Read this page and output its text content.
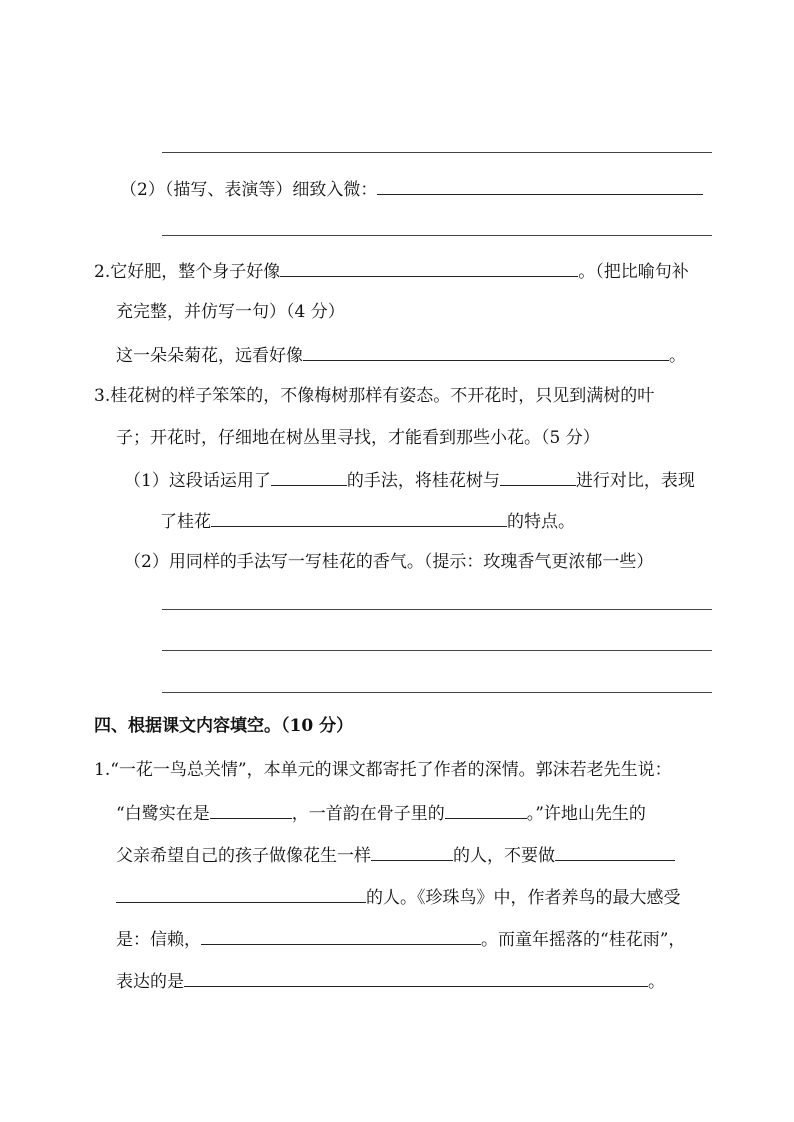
（2）（描写、表演等）细致入微：
2.它好肥，整个身子好像	。（把比喻句补
充完整，并仿写一句）（4 分）
这一朵朵菊花，远看好像	。
3.桂花树的样子笨笨的，不像梅树那样有姿态。不开花时，只见到满树的叶
子；开花时，仔细地在树丛里寻找，才能看到那些小花。（5 分）
（1）这段话运用了	的手法，将桂花树与	进行对比，表现
了桂花	的特点。
（2）用同样的手法写一写桂花的香气。（提示：玫瑰香气更浓郁一些）
四、根据课文内容填空。（10 分）
1.“一花一鸟总关情”，本单元的课文都寄托了作者的深情。郭沫若老先生说：
“白鹭实在是	，一首韵在骨子里的	。”许地山先生的
父亲希望自己的孩子做像花生一样	的人，不要做
的人。《珍珠鸟》中，作者养鸟的最大感受
是：信赖，	。而童年摇落的“桂花雨”，
表达的是	。
